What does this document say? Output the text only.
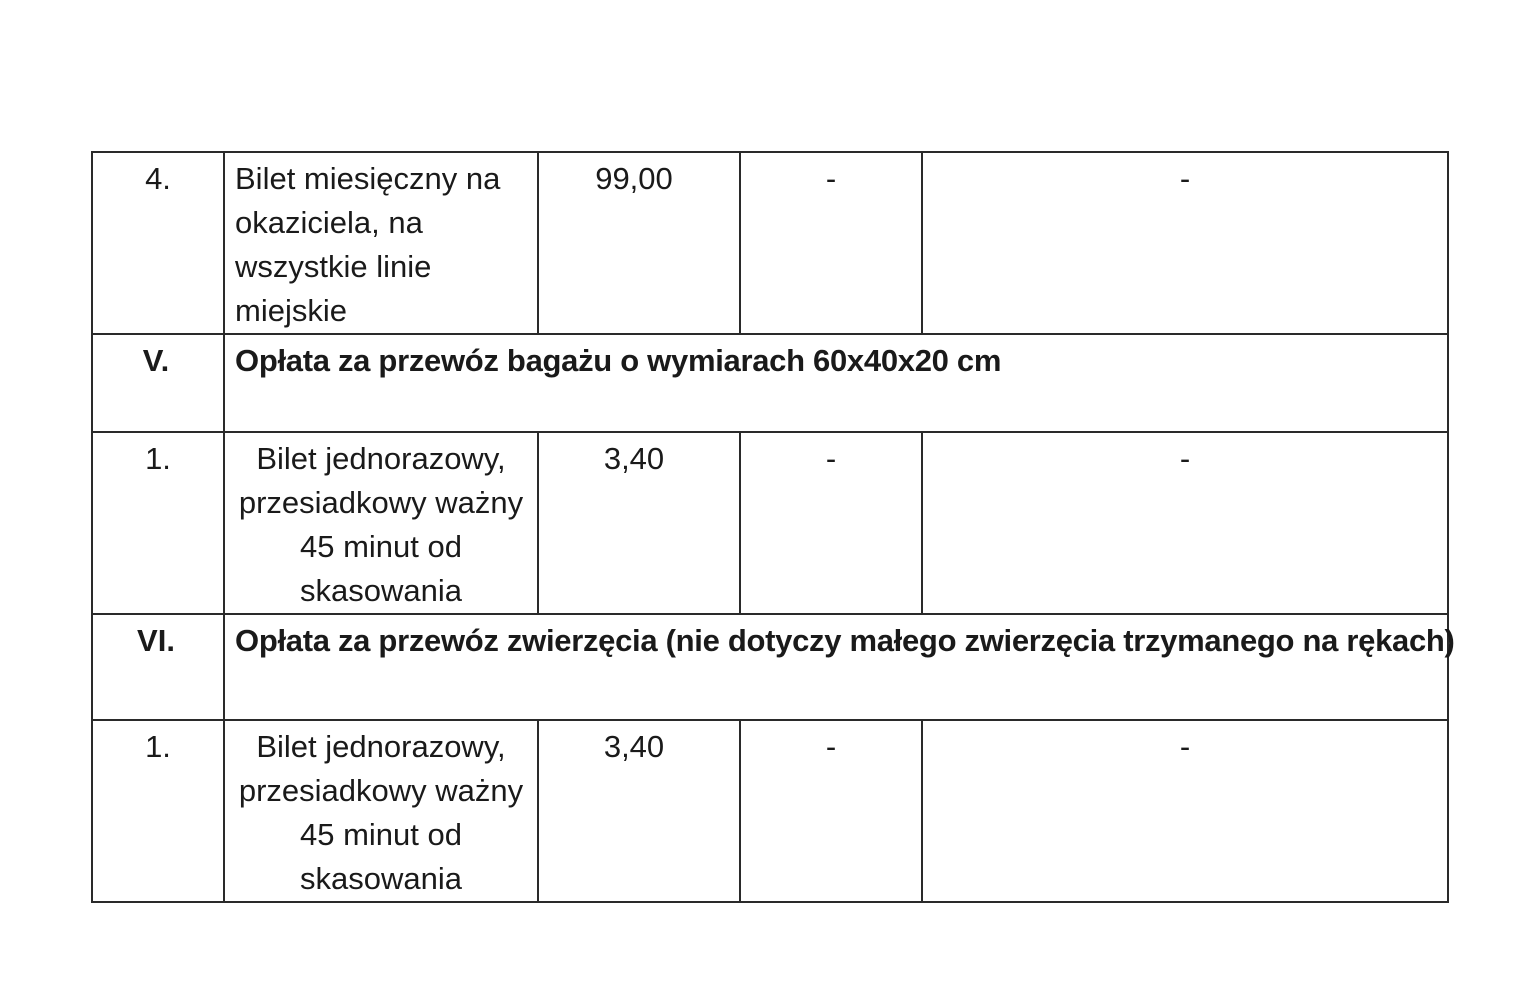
4.	Bilet miesięczny na okaziciela, na wszystkie linie miejskie	99,00	-	-
V.	Opłata za przewóz bagażu o wymiarach 60x40x20 cm			
1.	Bilet jednorazowy, przesiadkowy ważny 45 minut od skasowania	3,40	-	-
VI.	Opłata za przewóz zwierzęcia (nie dotyczy małego zwierzęcia trzymanego na rękach)			
1.	Bilet jednorazowy, przesiadkowy ważny 45 minut od skasowania	3,40	-	-
